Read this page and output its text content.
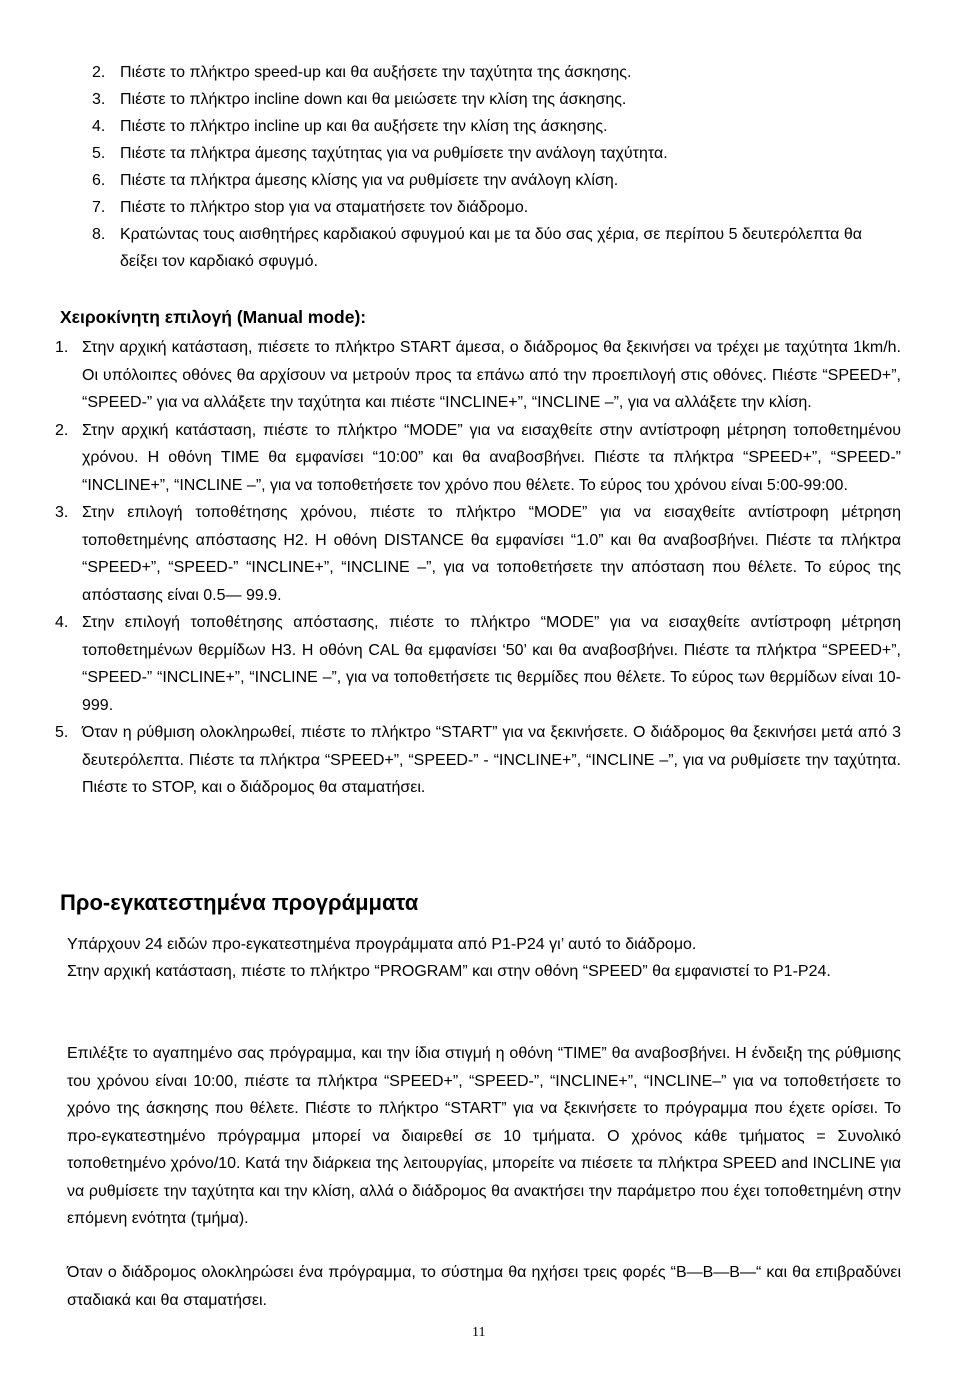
2. Πιέστε το πλήκτρο speed-up και θα αυξήσετε την ταχύτητα της άσκησης.
3. Πιέστε το πλήκτρο incline down και θα μειώσετε την κλίση της άσκησης.
4. Πιέστε το πλήκτρο incline up και θα αυξήσετε την κλίση της άσκησης.
5. Πιέστε τα πλήκτρα άμεσης ταχύτητας για να ρυθμίσετε την ανάλογη ταχύτητα.
6. Πιέστε τα πλήκτρα άμεσης κλίσης για να ρυθμίσετε την ανάλογη κλίση.
7. Πιέστε το πλήκτρο stop για να σταματήσετε τον διάδρομο.
8. Κρατώντας τους αισθητήρες καρδιακού σφυγμού και με τα δύο σας χέρια, σε περίπου 5 δευτερόλεπτα θα δείξει τον καρδιακό σφυγμό.
Χειροκίνητη επιλογή (Manual mode):
1. Στην αρχική κατάσταση, πιέσετε το πλήκτρο START άμεσα, ο διάδρομος θα ξεκινήσει να τρέχει με ταχύτητα 1km/h. Οι υπόλοιπες οθόνες θα αρχίσουν να μετρούν προς τα επάνω από την προεπιλογή στις οθόνες. Πιέστε “SPEED+”, “SPEED-” για να αλλάξετε την ταχύτητα και πιέστε “INCLINE+”, “INCLINE –”, για να αλλάξετε την κλίση.
2. Στην αρχική κατάσταση, πιέστε το πλήκτρο “MODE” για να εισαχθείτε στην αντίστροφη μέτρηση τοποθετημένου χρόνου. Η οθόνη TIME θα εμφανίσει “10:00” και θα αναβοσβήνει. Πιέστε τα πλήκτρα “SPEED+”, “SPEED-” “INCLINE+”, “INCLINE –”, για να τοποθετήσετε τον χρόνο που θέλετε. Το εύρος του χρόνου είναι 5:00-99:00.
3. Στην επιλογή τοποθέτησης χρόνου, πιέστε το πλήκτρο “MODE” για να εισαχθείτε αντίστροφη μέτρηση τοποθετημένης απόστασης H2. Η οθόνη DISTANCE θα εμφανίσει “1.0” και θα αναβοσβήνει. Πιέστε τα πλήκτρα “SPEED+”, “SPEED-” “INCLINE+”, “INCLINE –”, για να τοποθετήσετε την απόσταση που θέλετε. Το εύρος της απόστασης είναι 0.5— 99.9.
4. Στην επιλογή τοποθέτησης απόστασης, πιέστε το πλήκτρο “MODE” για να εισαχθείτε αντίστροφη μέτρηση τοποθετημένων θερμίδων H3. Η οθόνη CAL θα εμφανίσει ‘50’ και θα αναβοσβήνει. Πιέστε τα πλήκτρα “SPEED+”, “SPEED-” “INCLINE+”, “INCLINE –”, για να τοποθετήσετε τις θερμίδες που θέλετε. Το εύρος των θερμίδων είναι 10-999.
5. Όταν η ρύθμιση ολοκληρωθεί, πιέστε το πλήκτρο “START” για να ξεκινήσετε. Ο διάδρομος θα ξεκινήσει μετά από 3 δευτερόλεπτα. Πιέστε τα πλήκτρα “SPEED+”, “SPEED-” - “INCLINE+”, “INCLINE –”, για να ρυθμίσετε την ταχύτητα. Πιέστε το STOP, και ο διάδρομος θα σταματήσει.
Προ-εγκατεστημένα προγράμματα

Υπάρχουν 24 ειδών προ-εγκατεστημένα προγράμματα από P1-P24 γι’ αυτό το διάδρομο.

Στην αρχική κατάσταση, πιέστε το πλήκτρο “PROGRAM” και στην οθόνη “SPEED” θα εμφανιστεί το P1-P24.

Επιλέξτε το αγαπημένο σας πρόγραμμα, και την ίδια στιγμή η οθόνη “TIME” θα αναβοσβήνει. Η ένδειξη της ρύθμισης του χρόνου είναι 10:00, πιέστε τα πλήκτρα “SPEED+”, “SPEED-”, “INCLINE+”, “INCLINE–” για να τοποθετήσετε το χρόνο της άσκησης που θέλετε. Πιέστε το πλήκτρο “START” για να ξεκινήσετε το πρόγραμμα που έχετε ορίσει. Το προ-εγκατεστημένο πρόγραμμα μπορεί να διαιρεθεί σε 10 τμήματα. Ο χρόνος κάθε τμήματος = Συνολικό τοποθετημένο χρόνο/10. Κατά την διάρκεια της λειτουργίας, μπορείτε να πιέσετε τα πλήκτρα SPEED and INCLINE για να ρυθμίσετε την ταχύτητα και την κλίση, αλλά ο διάδρομος θα ανακτήσει την παράμετρο που έχει τοποθετημένη στην επόμενη ενότητα (τμήμα).

Όταν ο διάδρομος ολοκληρώσει ένα πρόγραμμα, το σύστημα θα ηχήσει τρεις φορές “B—B—B—“ και θα επιβραδύνει σταδιακά και θα σταματήσει.

11
